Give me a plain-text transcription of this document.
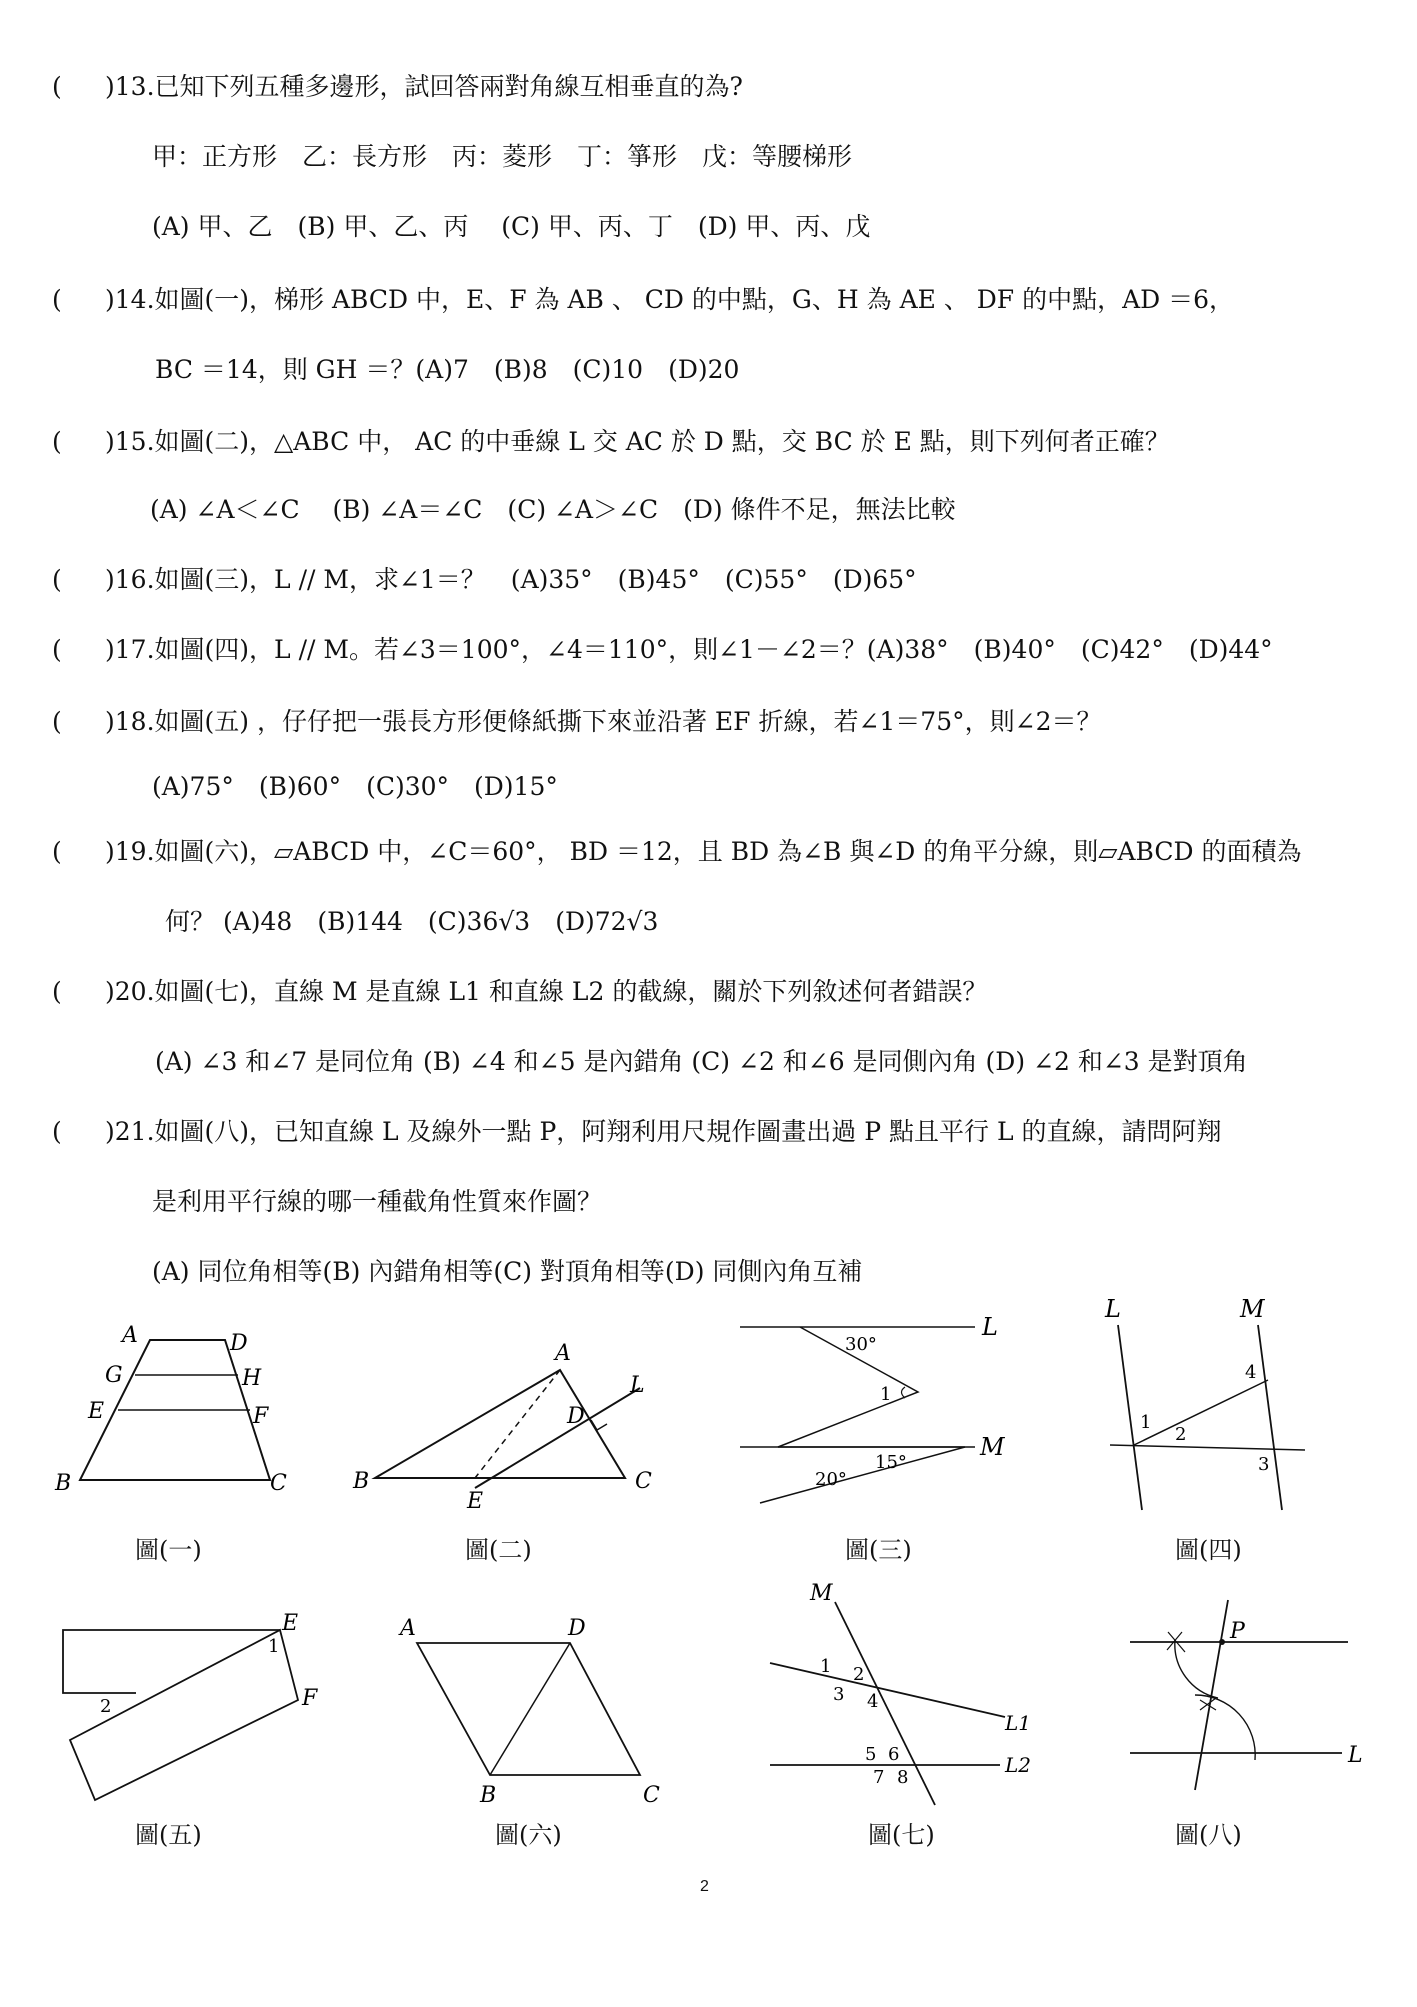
( )13.已知下列五種多邊形，試回答兩對角線互相垂直的為?
甲：正方形　乙：長方形　丙：菱形　丁：箏形　戊：等腰梯形
(A) 甲、乙　(B) 甲、乙、丙　 (C) 甲、丙、丁　(D) 甲、丙、戊
( )14.如圖(一)，梯形 ABCD 中，E、F 為 AB 、 CD 的中點，G、H 為 AE 、 DF 的中點，AD ＝6，
BC ＝14，則 GH ＝？(A)7　(B)8　(C)10　(D)20
( )15.如圖(二)，△ABC 中， AC 的中垂線 L 交 AC 於 D 點，交 BC 於 E 點，則下列何者正確？
(A) ∠A＜∠C　 (B) ∠A＝∠C　(C) ∠A＞∠C　(D) 條件不足，無法比較
( )16.如圖(三)，L // M，求∠1＝？　(A)35°　(B)45°　(C)55°　(D)65°
( )17.如圖(四)，L // M。若∠3＝100°，∠4＝110°，則∠1－∠2＝？(A)38°　(B)40°　(C)42°　(D)44°
( )18.如圖(五) ，仔仔把一張長方形便條紙撕下來並沿著 EF 折線，若∠1＝75°，則∠2＝？
(A)75°　(B)60°　(C)30°　(D)15°
( )19.如圖(六)，▱ABCD 中，∠C＝60°， BD ＝12，且 BD 為∠B 與∠D 的角平分線，則▱ABCD 的面積為
何？ (A)48　(B)144　(C)36√3　(D)72√3
( )20.如圖(七)，直線 M 是直線 L1 和直線 L2 的截線，關於下列敘述何者錯誤？
(A) ∠3 和∠7 是同位角 (B) ∠4 和∠5 是內錯角 (C) ∠2 和∠6 是同側內角 (D) ∠2 和∠3 是對頂角
( )21.如圖(八)，已知直線 L 及線外一點 P，阿翔利用尺規作圖畫出過 P 點且平行 L 的直線，請問阿翔
是利用平行線的哪一種截角性質來作圖？
(A) 同位角相等(B) 內錯角相等(C) 對頂角相等(D) 同側內角互補
A	D
G	H
E	F
B	C
圖(一)
A
L
D
B
E
C
圖(二)
30°
L
1
M
15°
20°
圖(三)
L	M
4
1
2
3
圖(四)
E
1
2	F
圖(五)
A	D
B	C
圖(六)
M
1 2
3 4
L1
5 6	L2
7 8
圖(七)
P
L
圖(八)
2
